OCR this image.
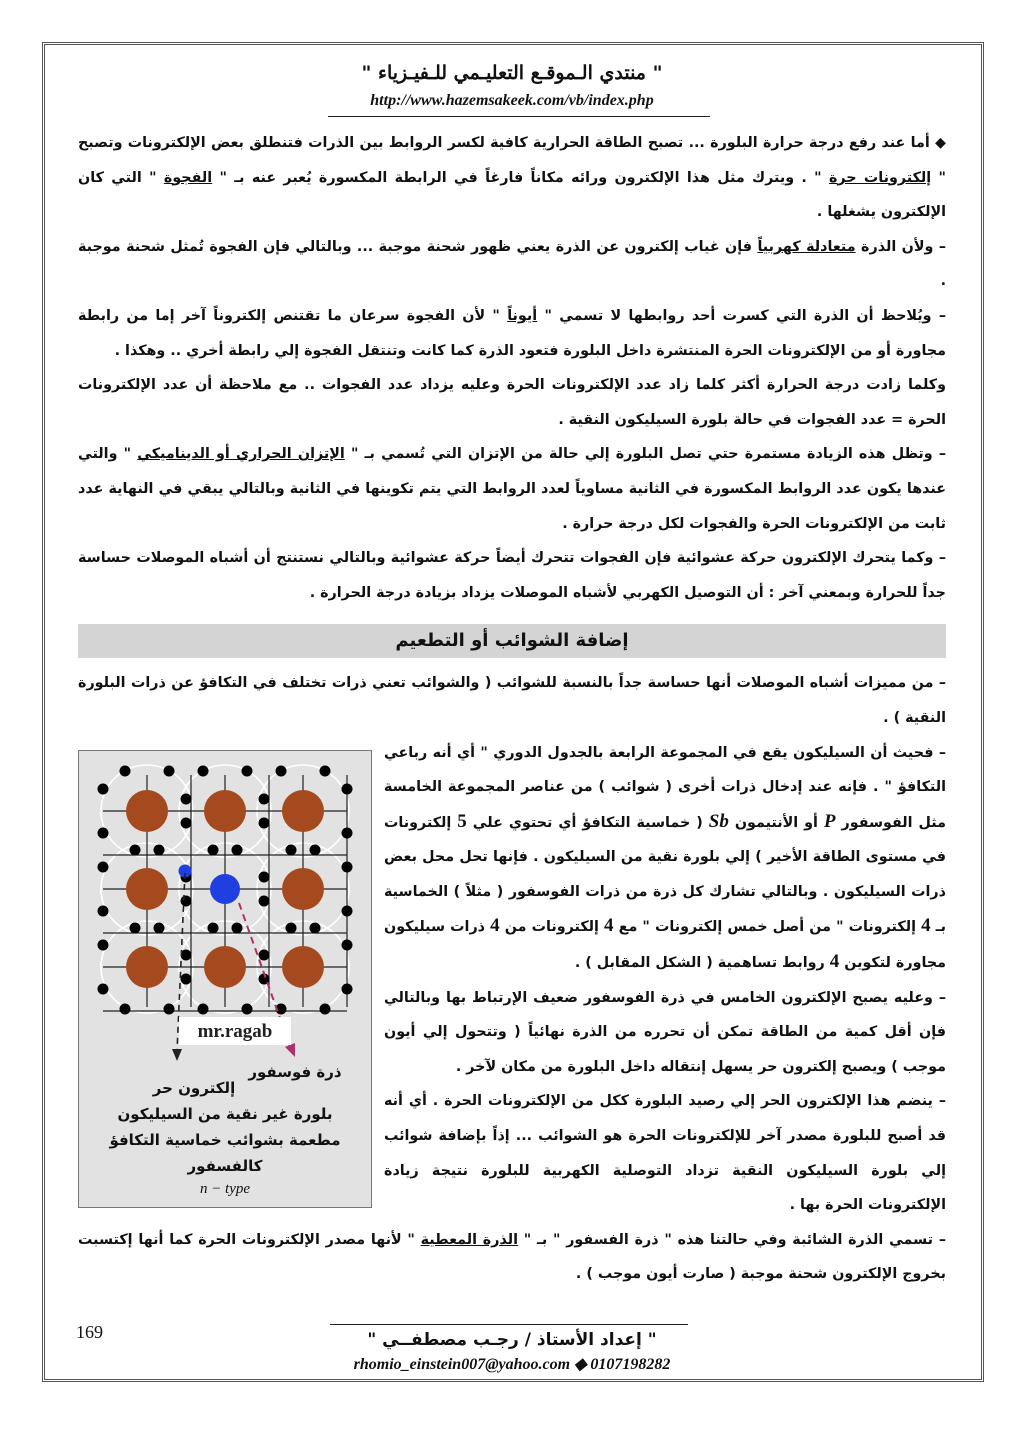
" منتدي الـموقـع التعليـمي للـفيـزياء "
http://www.hazemsakeek.com/vb/index.php

◆ أما عند رفع درجة حرارة البلورة ... تصبح الطاقة الحرارية كافية لكسر الروابط بين الذرات فتنطلق بعض الإلكترونات وتصبح " إلكترونات حرة " . ويترك مثل هذا الإلكترون ورائه مكاناً فارغاً في الرابطة المكسورة يُعبر عنه بـ " الفجوة " التي كان الإلكترون يشغلها .

– ولأن الذرة متعادلة كهربياً فإن غياب إلكترون عن الذرة يعني ظهور شحنة موجبة ... وبالتالي فإن الفجوة تُمثل شحنة موجبة .

– ويُلاحظ أن الذرة التي كسرت أحد روابطها لا تسمي " أيوناً " لأن الفجوة سرعان ما تقتنص إلكتروناً آخر إما من رابطة مجاورة أو من الإلكترونات الحرة المنتشرة داخل البلورة فتعود الذرة كما كانت وتنتقل الفجوة إلي رابطة أخري .. وهكذا .

وكلما زادت درجة الحرارة أكثر كلما زاد عدد الإلكترونات الحرة وعليه يزداد عدد الفجوات .. مع ملاحظة أن عدد الإلكترونات الحرة = عدد الفجوات في حالة بلورة السيليكون النقية .

– وتظل هذه الزيادة مستمرة حتي تصل البلورة إلي حالة من الإتزان التي تُسمي بـ " الإتزان الحراري أو الديناميكي " والتي عندها يكون عدد الروابط المكسورة في الثانية مساوياً لعدد الروابط التي يتم تكوينها في الثانية وبالتالي يبقي في النهاية عدد ثابت من الإلكترونات الحرة والفجوات لكل درجة حرارة .

– وكما يتحرك الإلكترون حركة عشوائية فإن الفجوات تتحرك أيضاً حركة عشوائية وبالتالي نستنتج أن أشباه الموصلات حساسة جداً للحرارة وبمعني آخر : أن التوصيل الكهربي لأشباه الموصلات يزداد بزيادة درجة الحرارة .

إضافة الشوائب أو التطعيم

– من مميزات أشباه الموصلات أنها حساسة جداً بالنسبة للشوائب ( والشوائب تعني ذرات تختلف في التكافؤ عن ذرات البلورة النقية ) .

mr.ragab
ذرة فوسفور
إلكترون حر
بلورة غير نقية من السيليكون
مطعمة بشوائب خماسية التكافؤ
كالفسفور
n − type

– فحيث أن السيليكون يقع في المجموعة الرابعة بالجدول الدوري " أي أنه رباعي التكافؤ " . فإنه عند إدخال ذرات أخرى ( شوائب ) من عناصر المجموعة الخامسة مثل الفوسفور P أو الأنتيمون Sb ( خماسية التكافؤ أي تحتوي علي 5 إلكترونات في مستوى الطاقة الأخير ) إلي بلورة نقية من السيليكون . فإنها تحل محل بعض ذرات السيليكون . وبالتالي تشارك كل ذرة من ذرات الفوسفور ( مثلاً ) الخماسية بـ 4 إلكترونات " من أصل خمس إلكترونات " مع 4 إلكترونات من 4 ذرات سيليكون مجاورة لتكوين 4 روابط تساهمية ( الشكل المقابل ) .

– وعليه يصبح الإلكترون الخامس في ذرة الفوسفور ضعيف الإرتباط بها وبالتالي فإن أقل كمية من الطاقة تمكن أن تحرره من الذرة نهائياً ( وتتحول إلي أيون موجب ) ويصبح إلكترون حر يسهل إنتقاله داخل البلورة من مكان لآخر .

– ينضم هذا الإلكترون الحر إلي رصيد البلورة ككل من الإلكترونات الحرة . أي أنه قد أصبح للبلورة مصدر آخر للإلكترونات الحرة هو الشوائب ... إذاً بإضافة شوائب إلي بلورة السيليكون النقية تزداد التوصلية الكهربية للبلورة نتيجة زيادة الإلكترونات الحرة بها .

– تسمي الذرة الشائبة وفي حالتنا هذه " ذرة الفسفور " بـ " الذرة المعطية " لأنها مصدر الإلكترونات الحرة كما أنها إكتسبت بخروج الإلكترون شحنة موجبة ( صارت أيون موجب ) .

169	" إعداد الأستاذ / رجـب مصطفــي "
rhomio_einstein007@yahoo.com ◆ 0107198282
